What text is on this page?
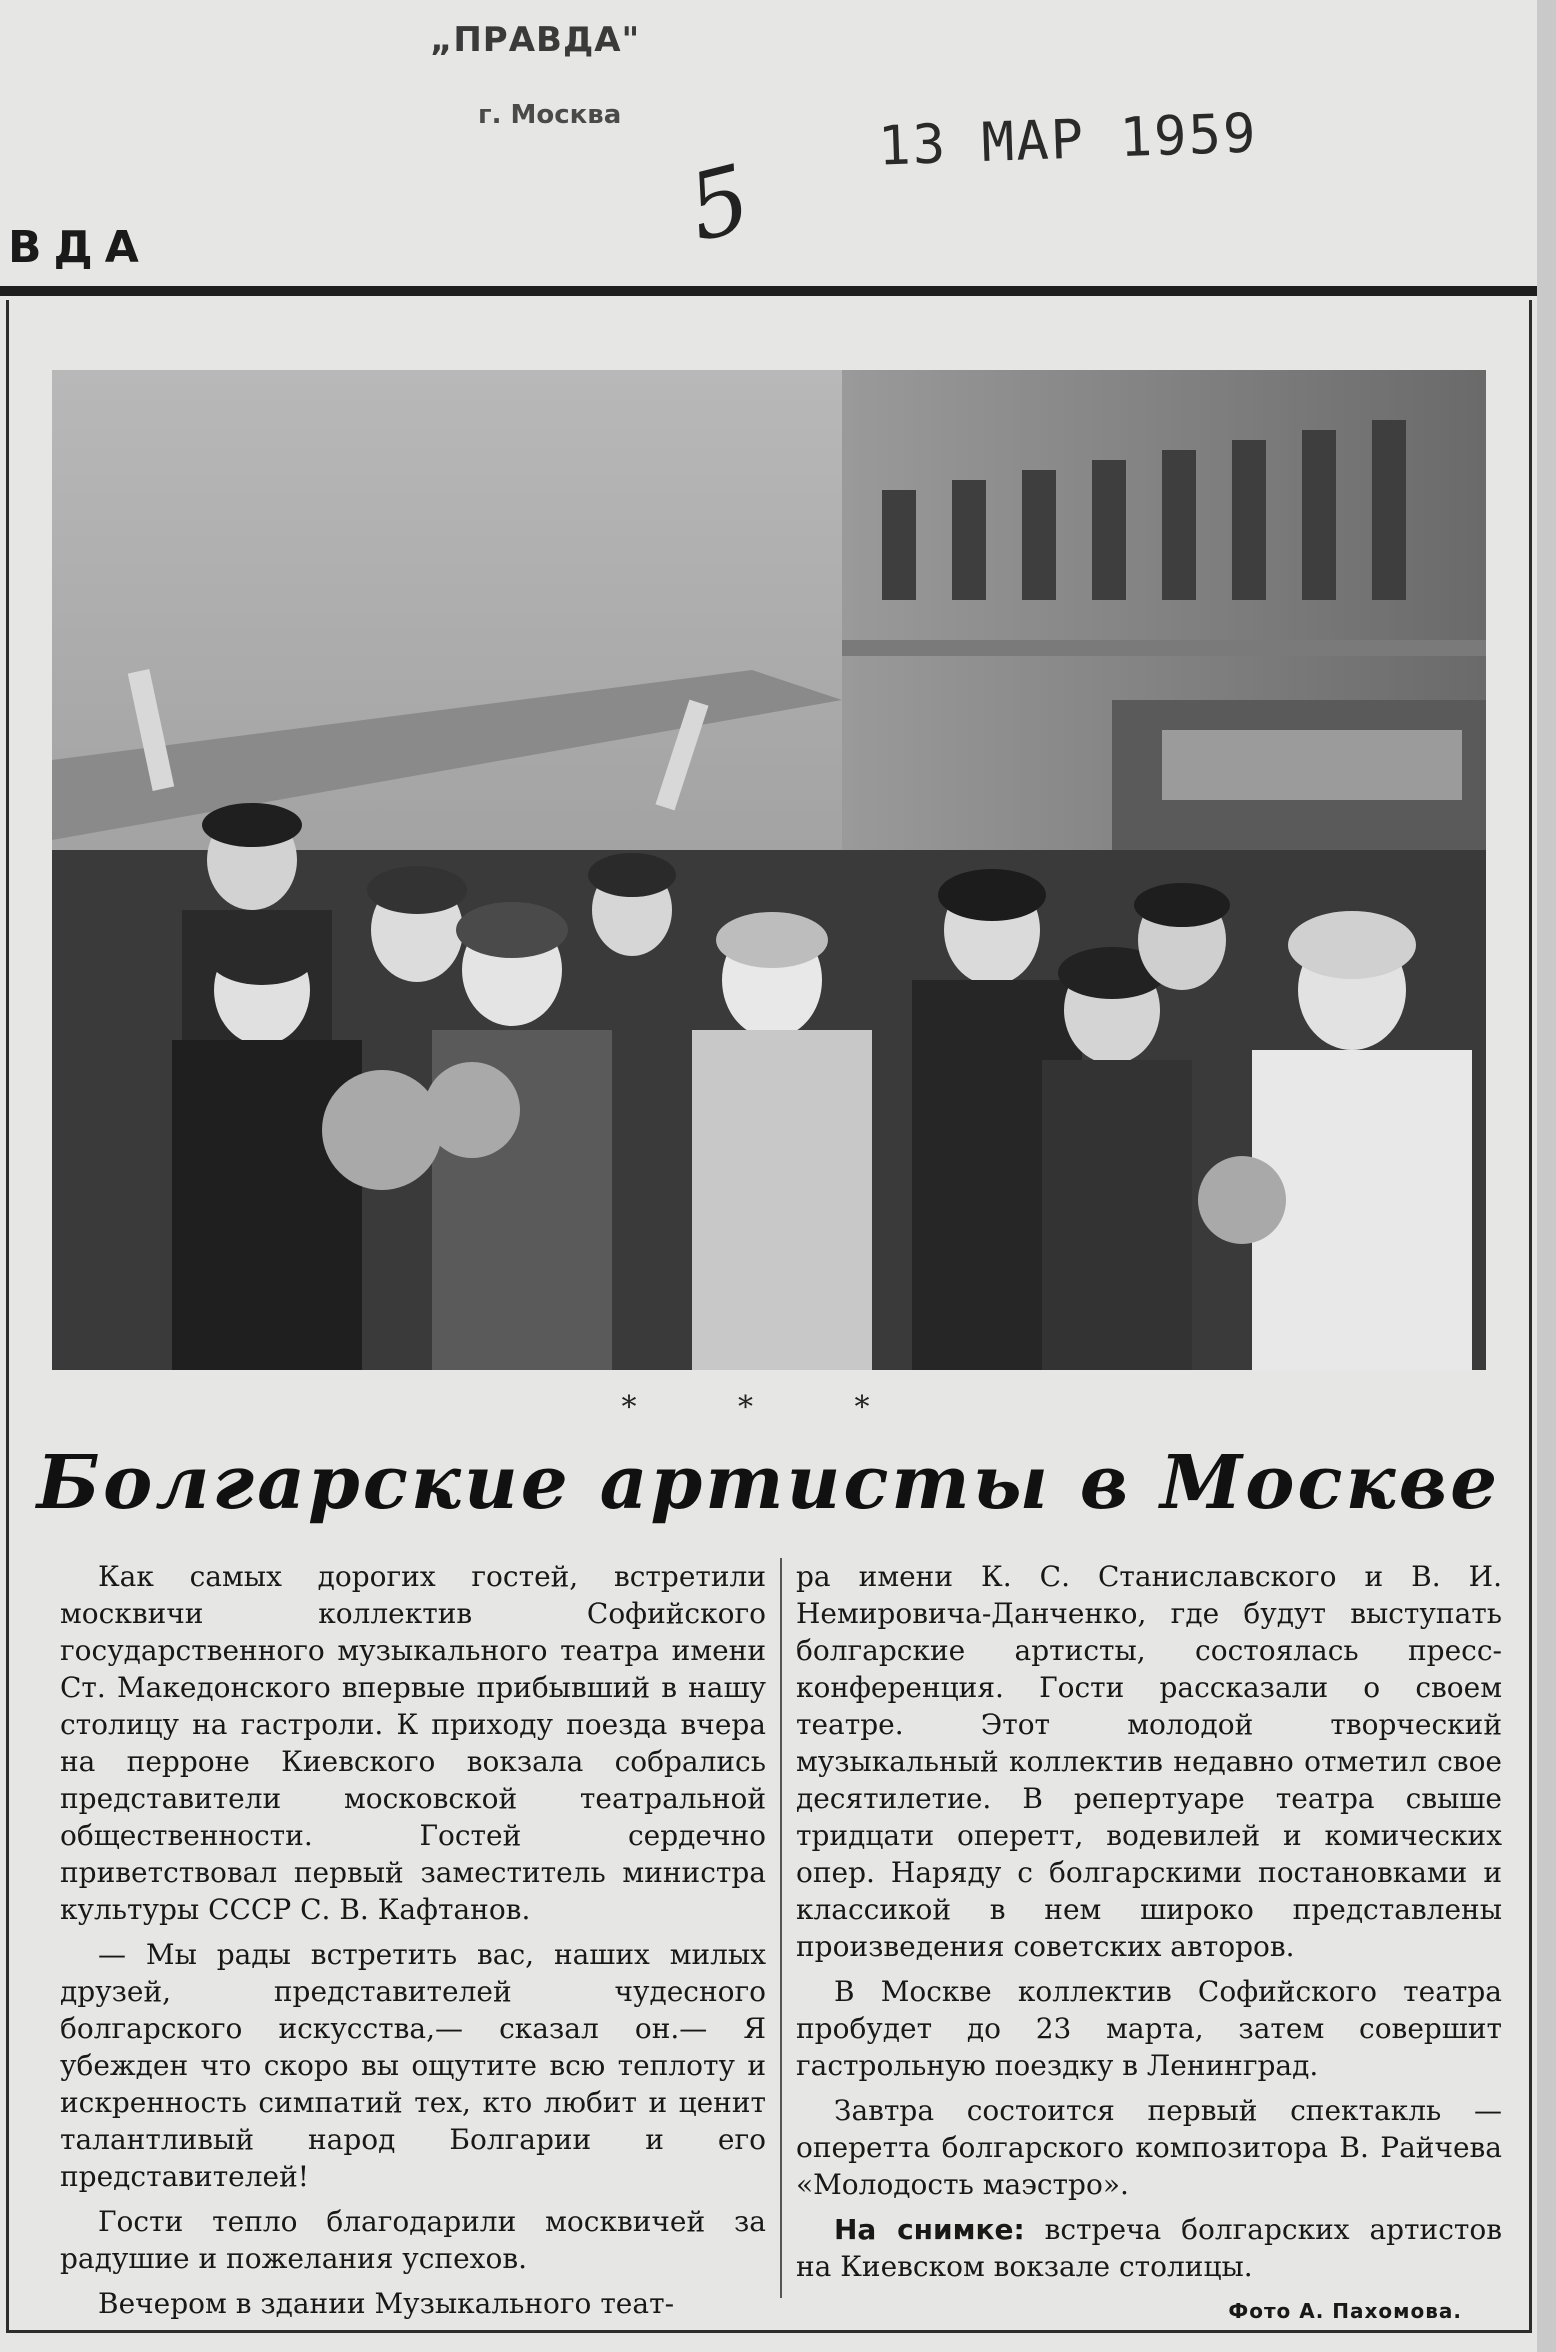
„ПРАВДА"
г. Москва	13 МАР 1959
5
ВДА
* * *
Болгарские артисты в Москве

Как самых дорогих гостей, встретили москвичи коллектив Софийского государственного музыкального театра имени Ст. Македонского впервые прибывший в нашу столицу на гастроли. К приходу поезда вчера на перроне Киевского вокзала собрались представители московской театральной общественности. Гостей сердечно приветствовал первый заместитель министра культуры СССР С. В. Кафтанов.

— Мы рады встретить вас, наших милых друзей, представителей чудесного болгарского искусства,— сказал он.— Я убежден что скоро вы ощутите всю теплоту и искренность симпатий тех, кто любит и ценит талантливый народ Болгарии и его представителей!

Гости тепло благодарили москвичей за радушие и пожелания успехов.

Вечером в здании Музыкального теат-

ра имени К. С. Станиславского и В. И. Немировича-Данченко, где будут выступать болгарские артисты, состоялась пресс-конференция. Гости рассказали о своем театре. Этот молодой творческий музыкальный коллектив недавно отметил свое десятилетие. В репертуаре театра свыше тридцати оперетт, водевилей и комических опер. Наряду с болгарскими постановками и классикой в нем широко представлены произведения советских авторов.

В Москве коллектив Софийского театра пробудет до 23 марта, затем совершит гастрольную поездку в Ленинград.

Завтра состоится первый спектакль — оперетта болгарского композитора В. Райчева «Молодость маэстро».

На снимке: встреча болгарских артистов на Киевском вокзале столицы.

Фото А. Пахомова.
